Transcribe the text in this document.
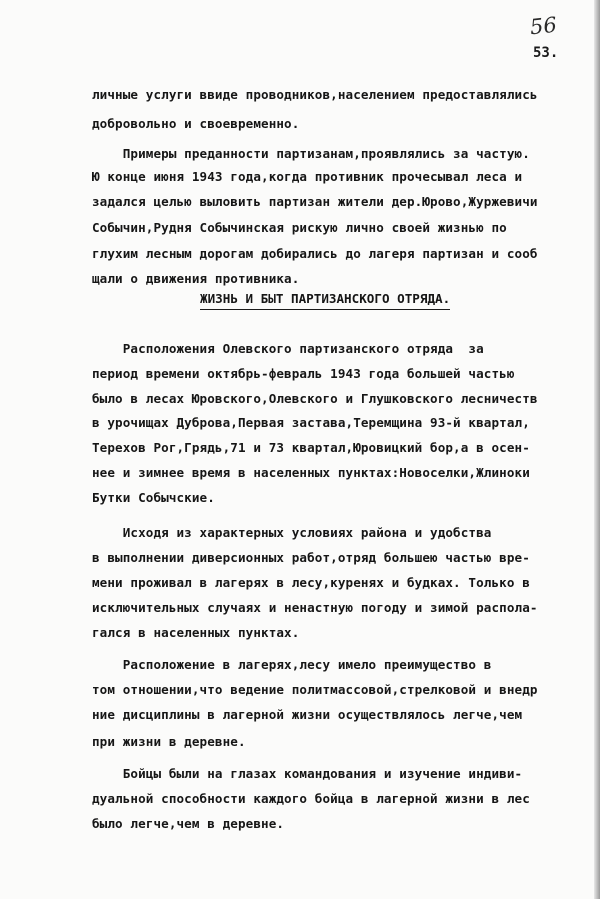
56
53.
личные услуги ввиде проводников,населением предоставлялись
добровольно и своевременно.
Примеры преданности партизанам,проявлялись за частую.
Ю конце июня 1943 года,когда противник прочесывал леса и
задался целью выловить партизан жители дер.Юрово,Журжевичи
Собычин,Рудня Собычинская рискую лично своей жизнью по
глухим лесным дорогам добирались до лагеря партизан и сооб
щали о движения противника.
ЖИЗНЬ И БЫТ ПАРТИЗАНСКОГО ОТРЯДА.
Расположения Олевского партизанского отряда  за
период времени октябрь-февраль 1943 года большей частью
было в лесах Юровского,Олевского и Глушковского лесничеств
в урочищах Дуброва,Первая застава,Теремщина 93-й квартал,
Терехов Рог,Грядь,71 и 73 квартал,Юровицкий бор,а в осен-
нее и зимнее время в населенных пунктах:Новоселки,Жлиноки
Бутки Собычские.
Исходя из характерных условиях района и удобства
в выполнении диверсионных работ,отряд большею частью вре-
мени проживал в лагерях в лесу,куренях и будках. Только в
исключительных случаях и ненастную погоду и зимой распола-
гался в населенных пунктах.
Расположение в лагерях,лесу имело преимущество в
том отношении,что ведение политмассовой,стрелковой и внедр
ние дисциплины в лагерной жизни осуществлялось легче,чем
при жизни в деревне.
Бойцы были на глазах командования и изучение индиви-
дуальной способности каждого бойца в лагерной жизни в лес
было легче,чем в деревне.
